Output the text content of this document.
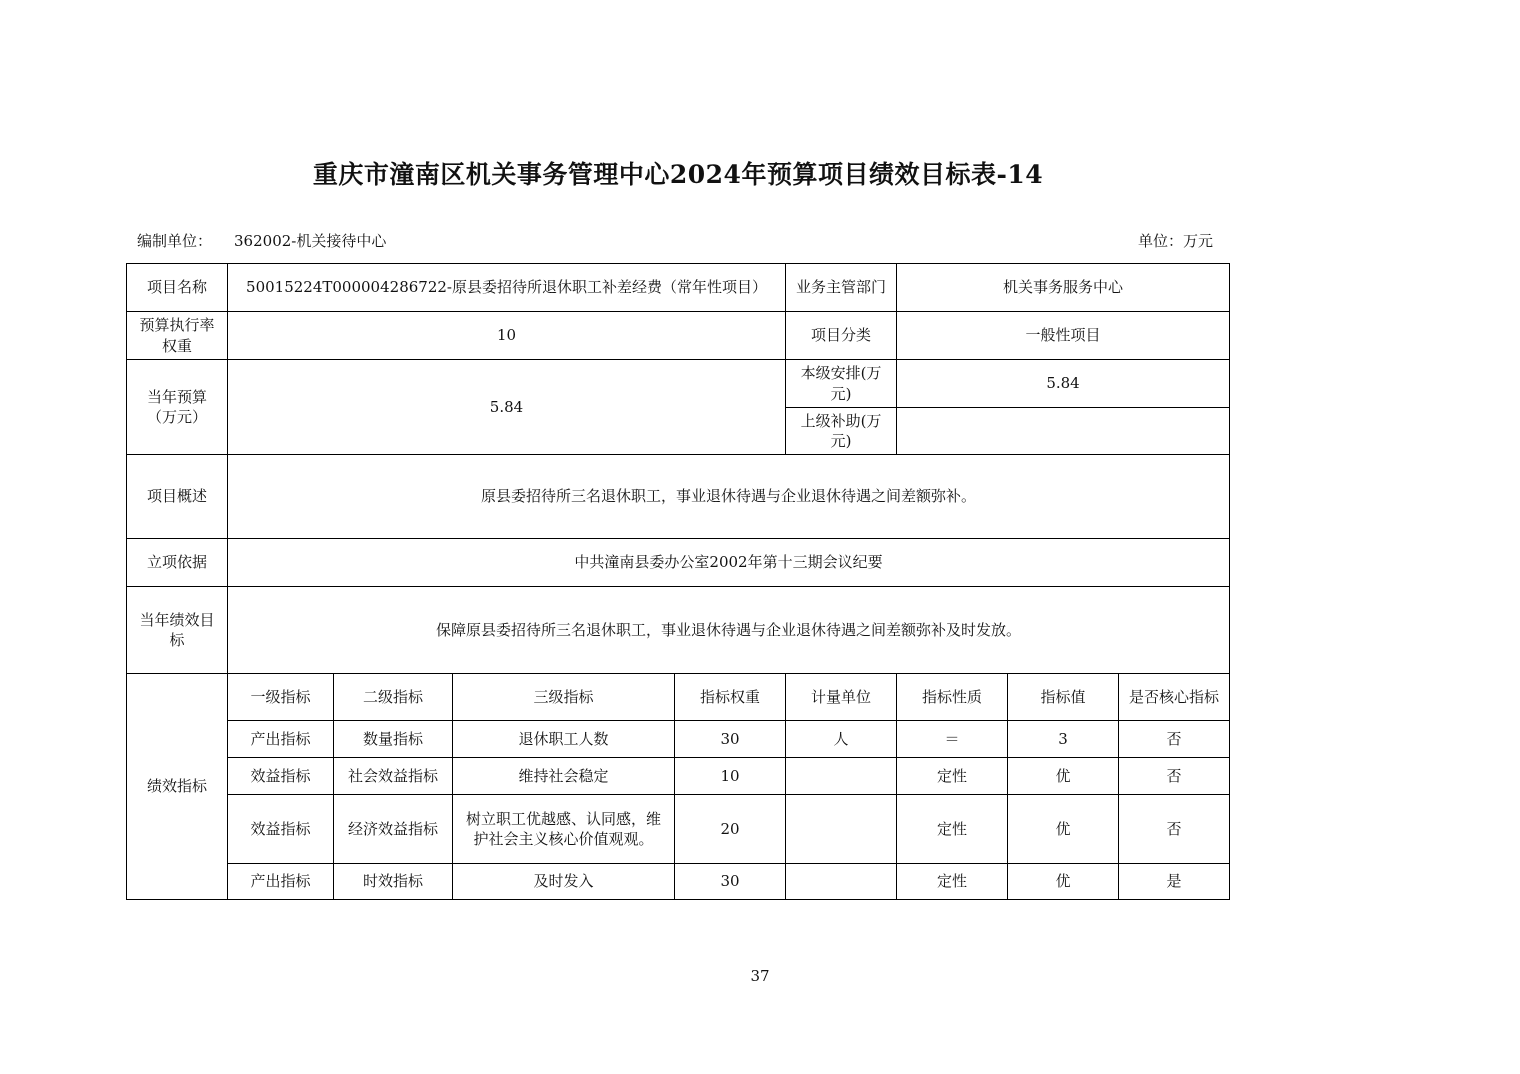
重庆市潼南区机关事务管理中心2024年预算项目绩效目标表-14
编制单位： 362002-机关接待中心	单位：万元
项目名称	50015224T000004286722-原县委招待所退休职工补差经费（常年性项目）				业务主管部门	机关事务服务中心		
预算执行率权重	10				项目分类	一般性项目		
当年预算（万元）	5.84				本级安排(万元)	5.84		
					上级补助(万元)			
项目概述	原县委招待所三名退休职工，事业退休待遇与企业退休待遇之间差额弥补。							
立项依据	中共潼南县委办公室2002年第十三期会议纪要							
当年绩效目标	保障原县委招待所三名退休职工，事业退休待遇与企业退休待遇之间差额弥补及时发放。							
绩效指标	一级指标	二级指标	三级指标	指标权重	计量单位	指标性质	指标值	是否核心指标
	产出指标	数量指标	退休职工人数	30	人	＝	3	否
	效益指标	社会效益指标	维持社会稳定	10		定性	优	否
	效益指标	经济效益指标	树立职工优越感、认同感，维护社会主义核心价值观观。	20		定性	优	否
	产出指标	时效指标	及时发入	30		定性	优	是
37
